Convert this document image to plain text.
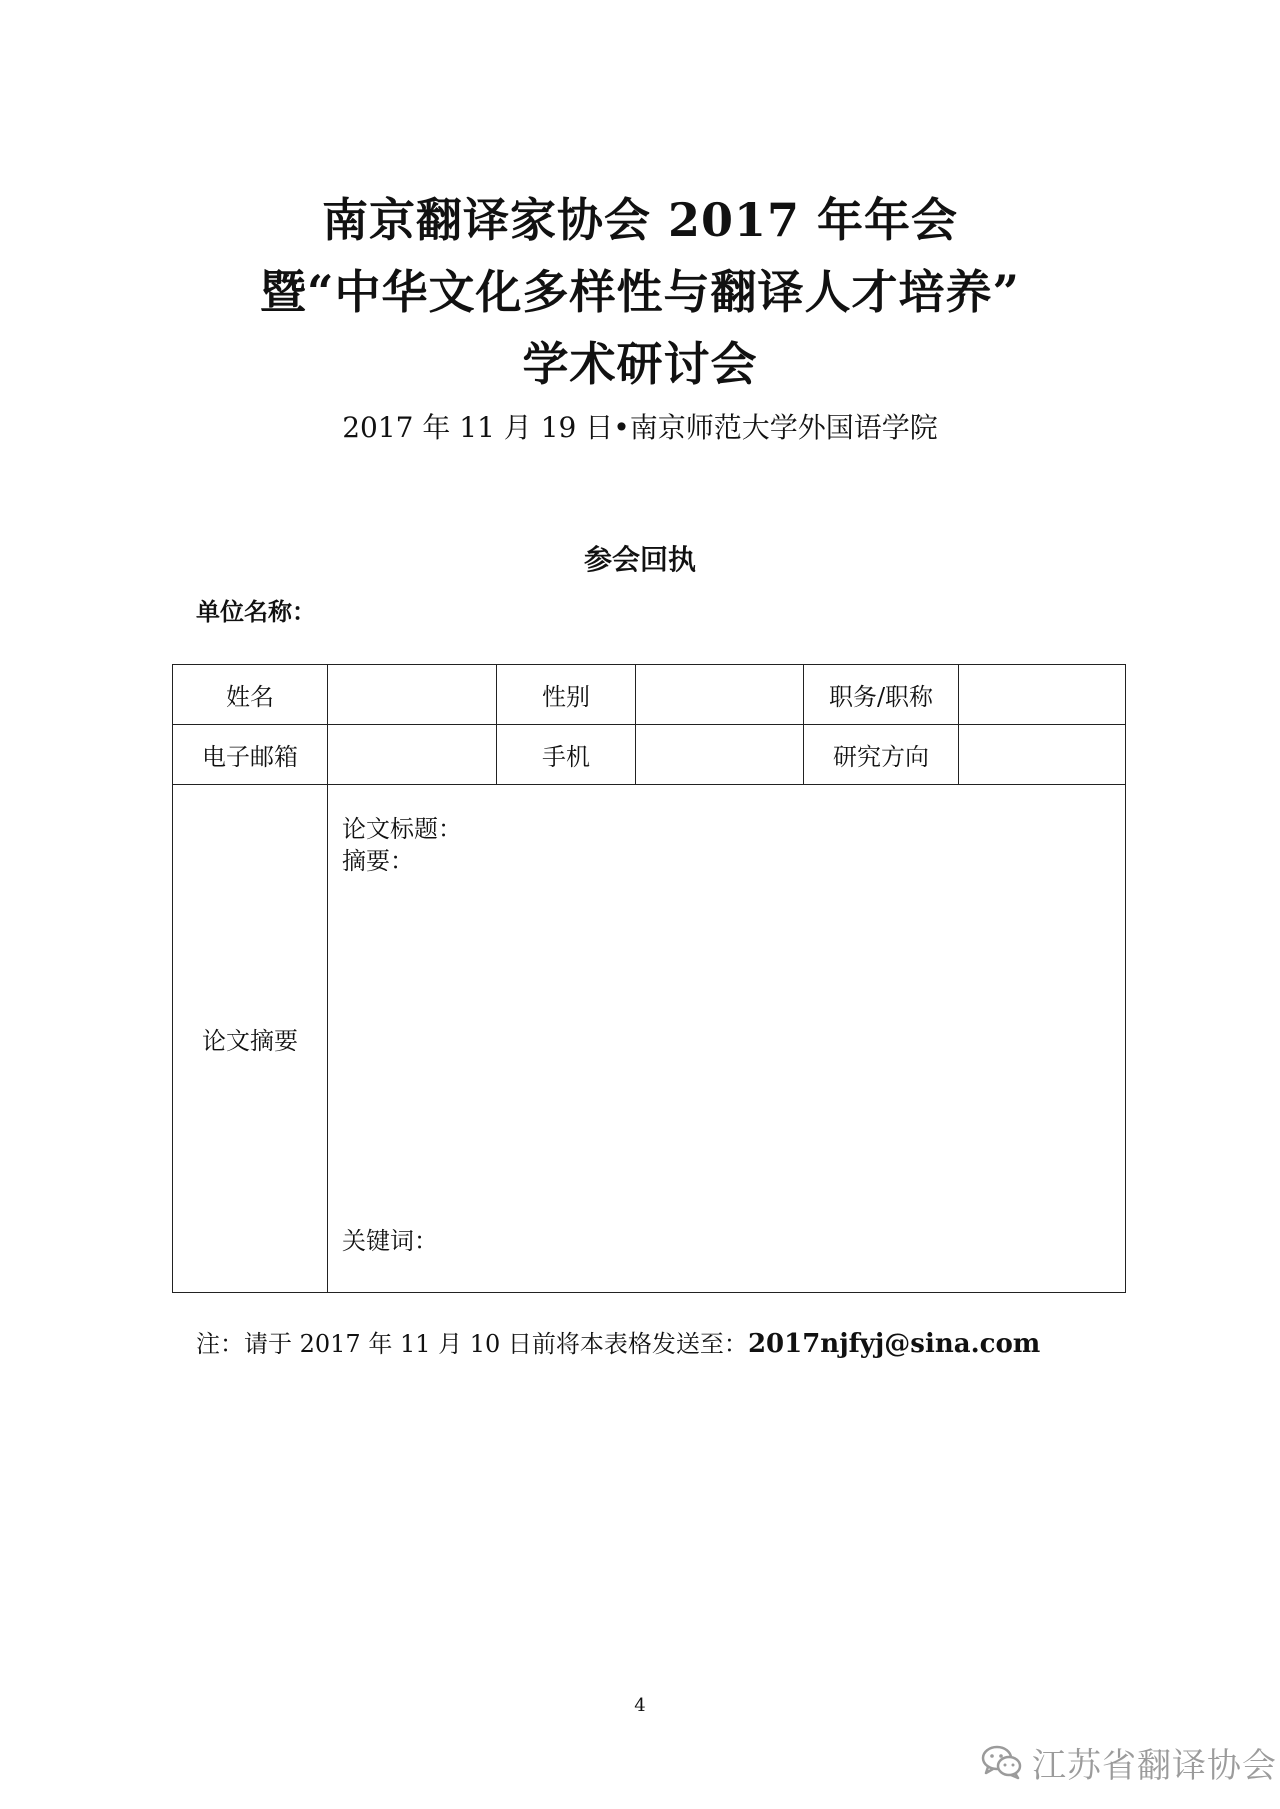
南京翻译家协会 2017 年年会
暨“中华文化多样性与翻译人才培养”
学术研讨会
2017 年 11 月 19 日•南京师范大学外国语学院
参会回执
单位名称：
姓名		性别		职务/职称	
电子邮箱		手机		研究方向	
论文摘要	论文标题：
摘要：
关键词：				
注：请于 2017 年 11 月 10 日前将本表格发送至：2017njfyj@sina.com
4
江苏省翻译协会
